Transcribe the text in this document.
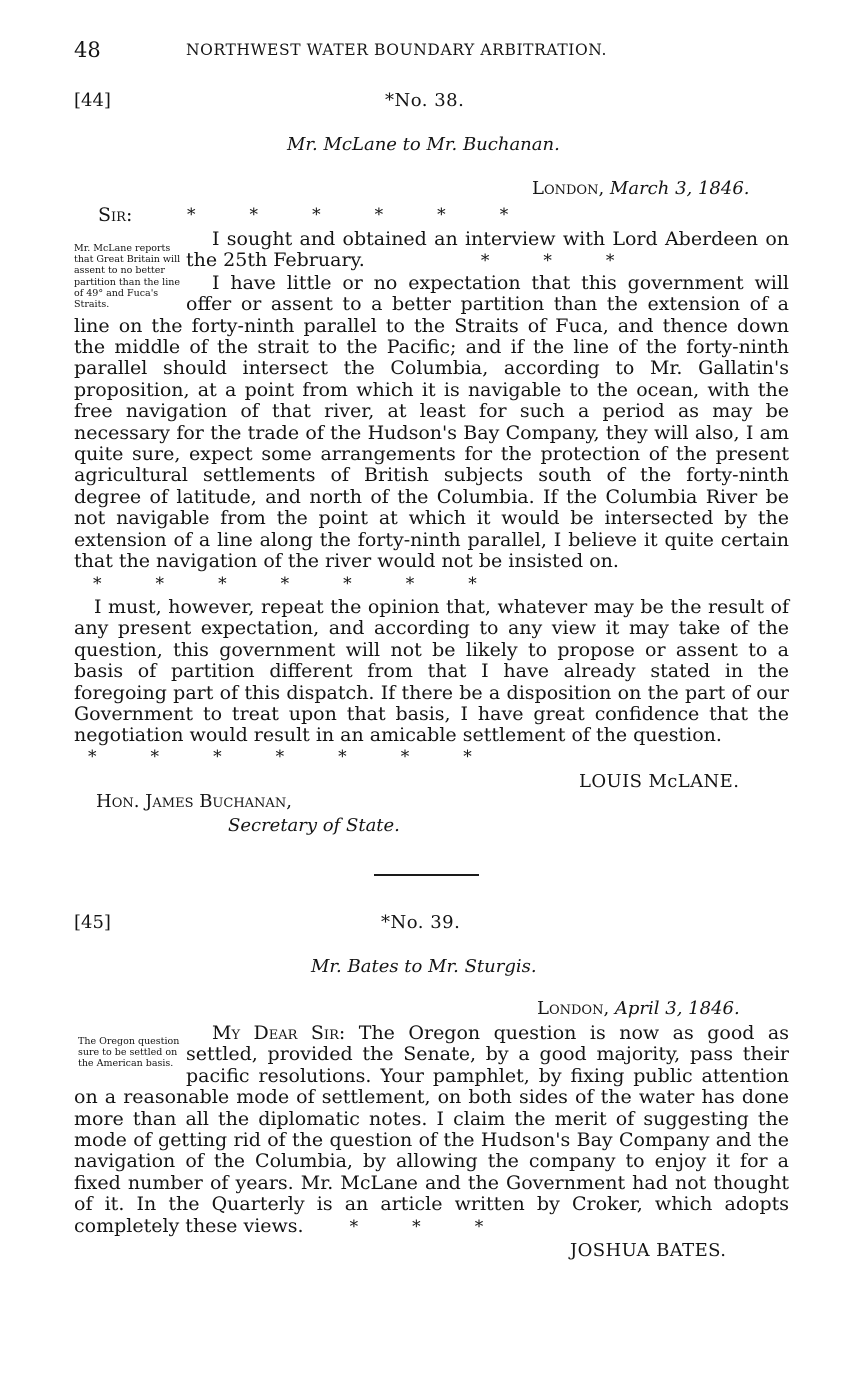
48	NORTHWEST WATER BOUNDARY ARBITRATION.
[44]	*No. 38.
Mr. McLane to Mr. Buchanan.
London, March 3, 1846.
Sir:	*          *          *          *          *          *
Mr. McLane reports that Great Britain will assent to no better partition than the line of 49° and Fuca's Straits.
I sought and obtained an interview with Lord Aberdeen on the 25th February.	*          *          *
I have little or no expectation that this government will offer or assent to a better partition than the extension of a line on the forty-ninth parallel to the Straits of Fuca, and thence down the middle of the strait to the Pacific; and if the line of the forty-ninth parallel should intersect the Columbia, according to Mr. Gallatin's proposition, at a point from which it is navigable to the ocean, with the free navigation of that river, at least for such a period as may be necessary for the trade of the Hudson's Bay Company, they will also, I am quite sure, expect some arrangements for the protection of the present agricultural settlements of British subjects south of the forty-ninth degree of latitude, and north of the Columbia. If the Columbia River be not navigable from the point at which it would be intersected by the extension of a line along the forty-ninth parallel, I believe it quite certain that the navigation of the river would not be insisted on.
*          *          *          *          *          *          *
I must, however, repeat the opinion that, whatever may be the result of any present expectation, and according to any view it may take of the question, this government will not be likely to propose or assent to a basis of partition different from that I have already stated in the foregoing part of this dispatch. If there be a disposition on the part of our Government to treat upon that basis, I have great confidence that the negotiation would result in an amicable settlement of the question.
*          *          *          *          *          *          *
LOUIS McLANE.
Hon. James Buchanan,
Secretary of State.
[45]	*No. 39.
Mr. Bates to Mr. Sturgis.
London, April 3, 1846.
The Oregon question sure to be settled on the American basis.
My Dear Sir: The Oregon question is now as good as settled, provided the Senate, by a good majority, pass their pacific resolutions. Your pamphlet, by fixing public attention on a reasonable mode of settlement, on both sides of the water has done more than all the diplomatic notes. I claim the merit of suggesting the mode of getting rid of the question of the Hudson's Bay Company and the navigation of the Columbia, by allowing the company to enjoy it for a fixed number of years. Mr. McLane and the Government had not thought of it. In the Quarterly is an article written by Croker, which adopts completely these views.	*          *          *
JOSHUA BATES.
